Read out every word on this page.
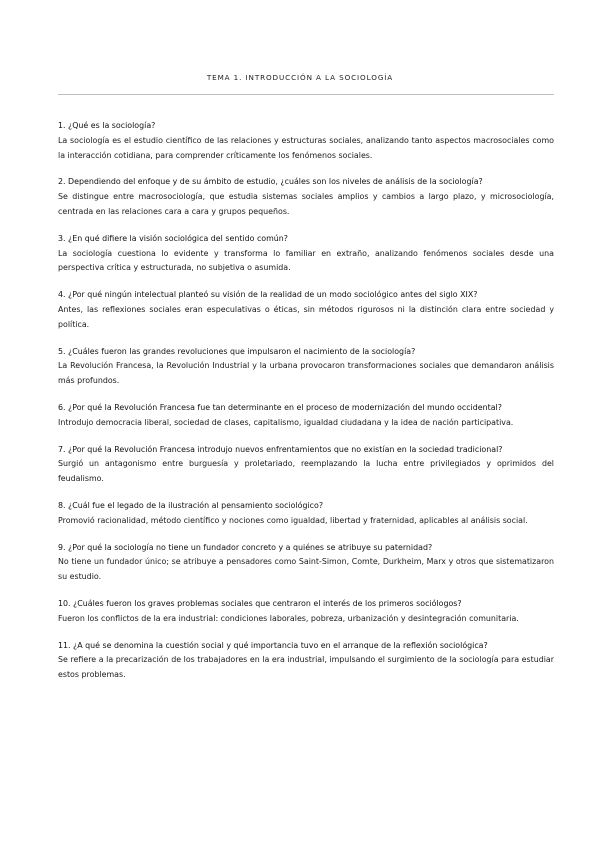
TEMA 1. INTRODUCCIÓN A LA SOCIOLOGÍA

1. ¿Qué es la sociología?

La sociología es el estudio científico de las relaciones y estructuras sociales, analizando tanto aspectos macrosociales como la interacción cotidiana, para comprender críticamente los fenómenos sociales.

2. Dependiendo del enfoque y de su ámbito de estudio, ¿cuáles son los niveles de análisis de la sociología?

Se distingue entre macrosociología, que estudia sistemas sociales amplios y cambios a largo plazo, y microsociología, centrada en las relaciones cara a cara y grupos pequeños.

3. ¿En qué difiere la visión sociológica del sentido común?

La sociología cuestiona lo evidente y transforma lo familiar en extraño, analizando fenómenos sociales desde una perspectiva crítica y estructurada, no subjetiva o asumida.

4. ¿Por qué ningún intelectual planteó su visión de la realidad de un modo sociológico antes del siglo XIX?

Antes, las reflexiones sociales eran especulativas o éticas, sin métodos rigurosos ni la distinción clara entre sociedad y política.

5. ¿Cuáles fueron las grandes revoluciones que impulsaron el nacimiento de la sociología?

La Revolución Francesa, la Revolución Industrial y la urbana provocaron transformaciones sociales que demandaron análisis más profundos.

6. ¿Por qué la Revolución Francesa fue tan determinante en el proceso de modernización del mundo occidental?

Introdujo democracia liberal, sociedad de clases, capitalismo, igualdad ciudadana y la idea de nación participativa.

7. ¿Por qué la Revolución Francesa introdujo nuevos enfrentamientos que no existían en la sociedad tradicional?

Surgió un antagonismo entre burguesía y proletariado, reemplazando la lucha entre privilegiados y oprimidos del feudalismo.

8. ¿Cuál fue el legado de la ilustración al pensamiento sociológico?

Promovió racionalidad, método científico y nociones como igualdad, libertad y fraternidad, aplicables al análisis social.

9. ¿Por qué la sociología no tiene un fundador concreto y a quiénes se atribuye su paternidad?

No tiene un fundador único; se atribuye a pensadores como Saint-Simon, Comte, Durkheim, Marx y otros que sistematizaron su estudio.

10. ¿Cuáles fueron los graves problemas sociales que centraron el interés de los primeros sociólogos?

Fueron los conflictos de la era industrial: condiciones laborales, pobreza, urbanización y desintegración comunitaria.

11. ¿A qué se denomina la cuestión social y qué importancia tuvo en el arranque de la reflexión sociológica?

Se refiere a la precarización de los trabajadores en la era industrial, impulsando el surgimiento de la sociología para estudiar estos problemas.
